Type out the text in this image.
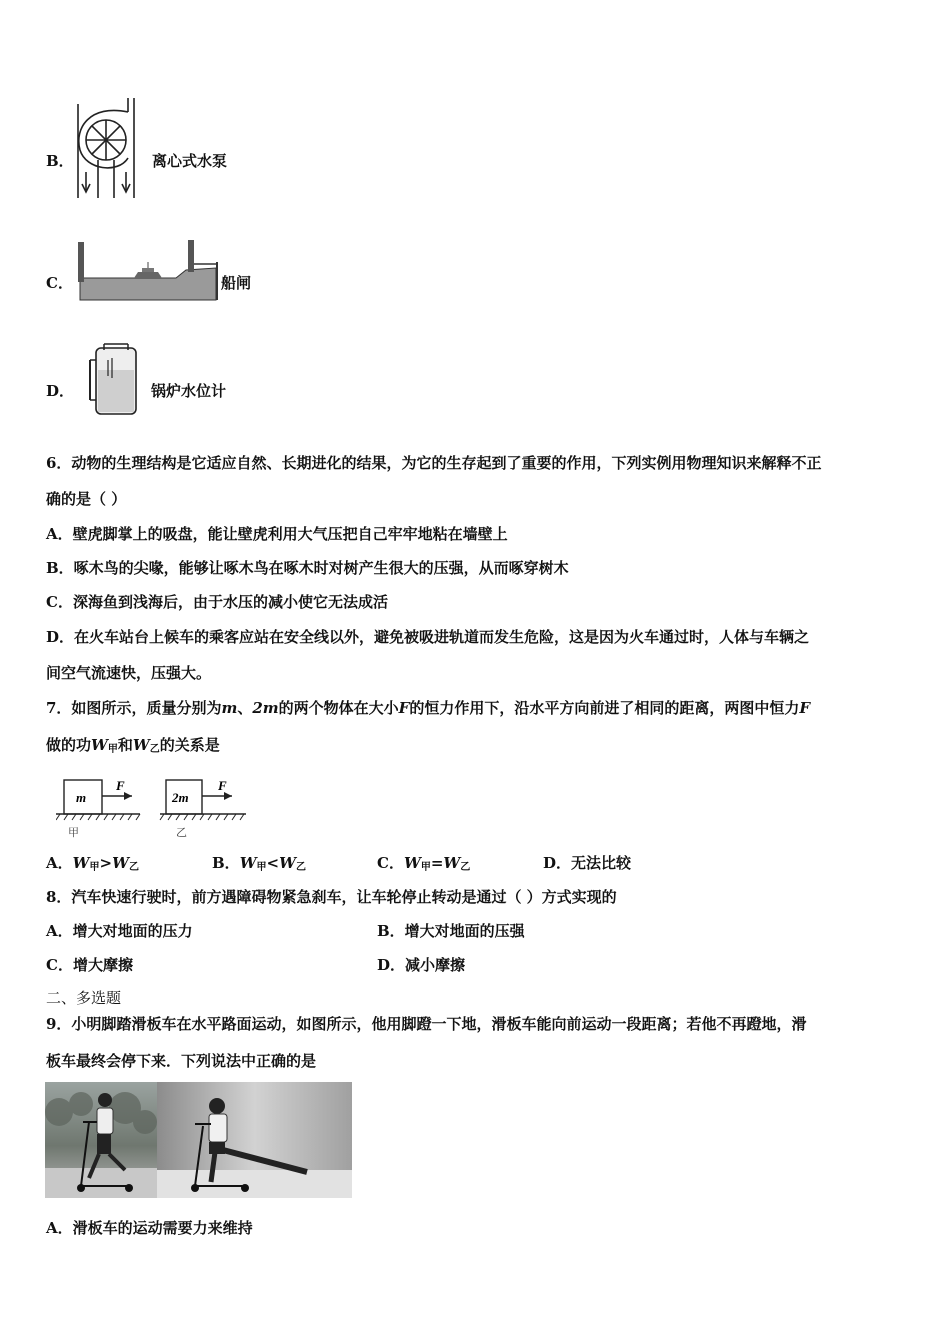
B．	离心式水泵
C．	船闸
D．	锅炉水位计
6．动物的生理结构是它适应自然、长期进化的结果，为它的生存起到了重要的作用，下列实例用物理知识来解释不正
确的是（ ）
A．壁虎脚掌上的吸盘，能让壁虎利用大气压把自己牢牢地粘在墙壁上
B．啄木鸟的尖喙，能够让啄木鸟在啄木时对树产生很大的压强，从而啄穿树木
C．深海鱼到浅海后，由于水压的减小使它无法成活
D．在火车站台上候车的乘客应站在安全线以外，避免被吸进轨道而发生危险，这是因为火车通过时，人体与车辆之
间空气流速快，压强大。
7．如图所示，质量分别为m、2m的两个物体在大小F的恒力作用下，沿水平方向前进了相同的距离，两图中恒力F
做的功$W_甲$和$W_乙$的关系是
m
F
甲
2m
F
乙
A．$W_甲>W_乙$	B．$W_甲<W_乙$	C．$W_甲=W_乙$	D．无法比较
8．汽车快速行驶时，前方遇障碍物紧急刹车，让车轮停止转动是通过（ ）方式实现的
A．增大对地面的压力	B．增大对地面的压强
C．增大摩擦	D．减小摩擦
二、多选题
9．小明脚踏滑板车在水平路面运动，如图所示，他用脚蹬一下地，滑板车能向前运动一段距离；若他不再蹬地，滑
板车最终会停下来．下列说法中正确的是
A．滑板车的运动需要力来维持
